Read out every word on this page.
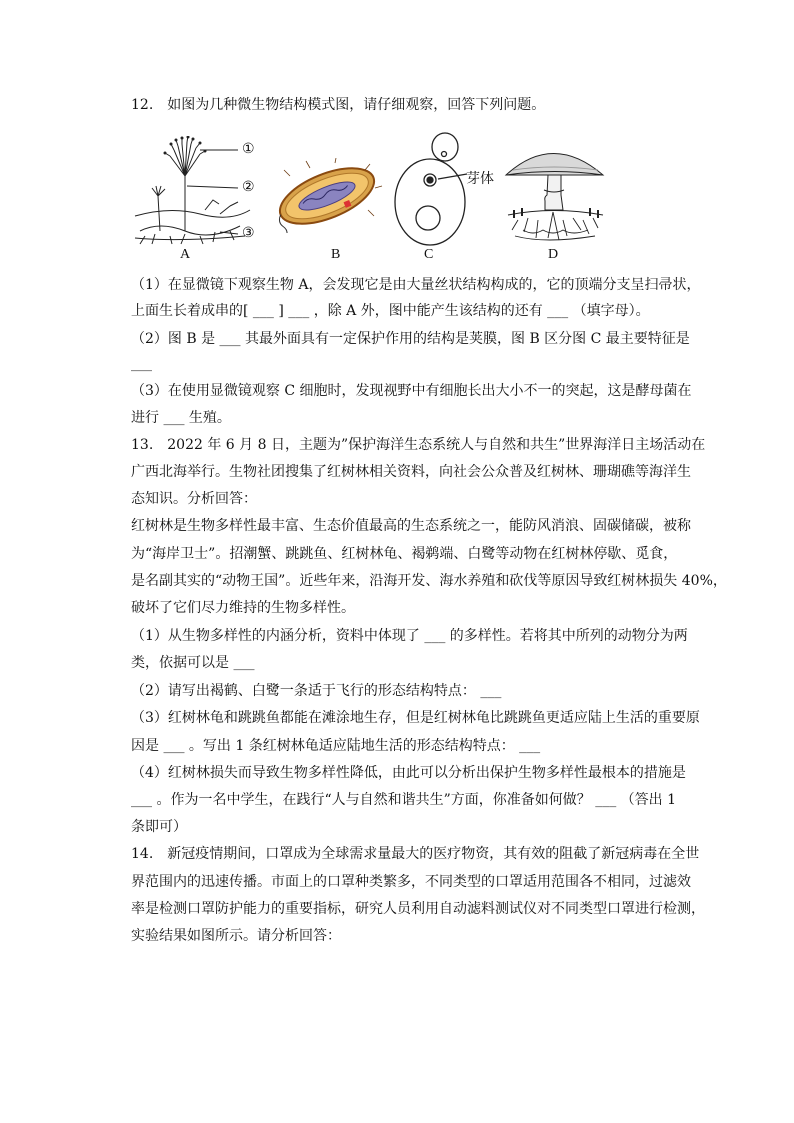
12.　如图为几种微生物结构模式图，请仔细观察，回答下列问题。
①
②
③
A	B
芽体
C	D
（1）在显微镜下观察生物 A，会发现它是由大量丝状结构构成的，它的顶端分支呈扫帚状，
上面生长着成串的[ ___ ] ___ ，除 A 外，图中能产生该结构的还有 ___ （填字母）。
（2）图 B 是 ___ 其最外面具有一定保护作用的结构是荚膜，图 B 区分图 C 最主要特征是
___
（3）在使用显微镜观察 C 细胞时，发现视野中有细胞长出大小不一的突起，这是酵母菌在
进行 ___ 生殖。
13.　2022 年 6 月 8 日，主题为”保护海洋生态系统人与自然和共生”世界海洋日主场活动在
广西北海举行。生物社团搜集了红树林相关资料，向社会公众普及红树林、珊瑚礁等海洋生
态知识。分析回答：
红树林是生物多样性最丰富、生态价值最高的生态系统之一，能防风消浪、固碳储碳，被称
为“海岸卫士”。招潮蟹、跳跳鱼、红树林龟、褐鹈端、白鹭等动物在红树林停歇、觅食，
是名副其实的“动物王国”。近些年来，沿海开发、海水养殖和砍伐等原因导致红树林损失 40%，
破坏了它们尽力维持的生物多样性。
（1）从生物多样性的内涵分析，资料中体现了 ___ 的多样性。若将其中所列的动物分为两
类，依据可以是 ___
（2）请写出褐鹤、白鹭一条适于飞行的形态结构特点： ___
（3）红树林龟和跳跳鱼都能在滩涂地生存，但是红树林龟比跳跳鱼更适应陆上生活的重要原
因是 ___ 。写出 1 条红树林龟适应陆地生活的形态结构特点： ___
（4）红树林损失而导致生物多样性降低，由此可以分析出保护生物多样性最根本的措施是
___ 。作为一名中学生，在践行“人与自然和谐共生”方面，你准备如何做？ ___ （答出 1
条即可）
14.　新冠疫情期间，口罩成为全球需求量最大的医疗物资，其有效的阻截了新冠病毒在全世
界范围内的迅速传播。市面上的口罩种类繁多，不同类型的口罩适用范围各不相同，过滤效
率是检测口罩防护能力的重要指标，研究人员利用自动滤料测试仪对不同类型口罩进行检测，
实验结果如图所示。请分析回答：
